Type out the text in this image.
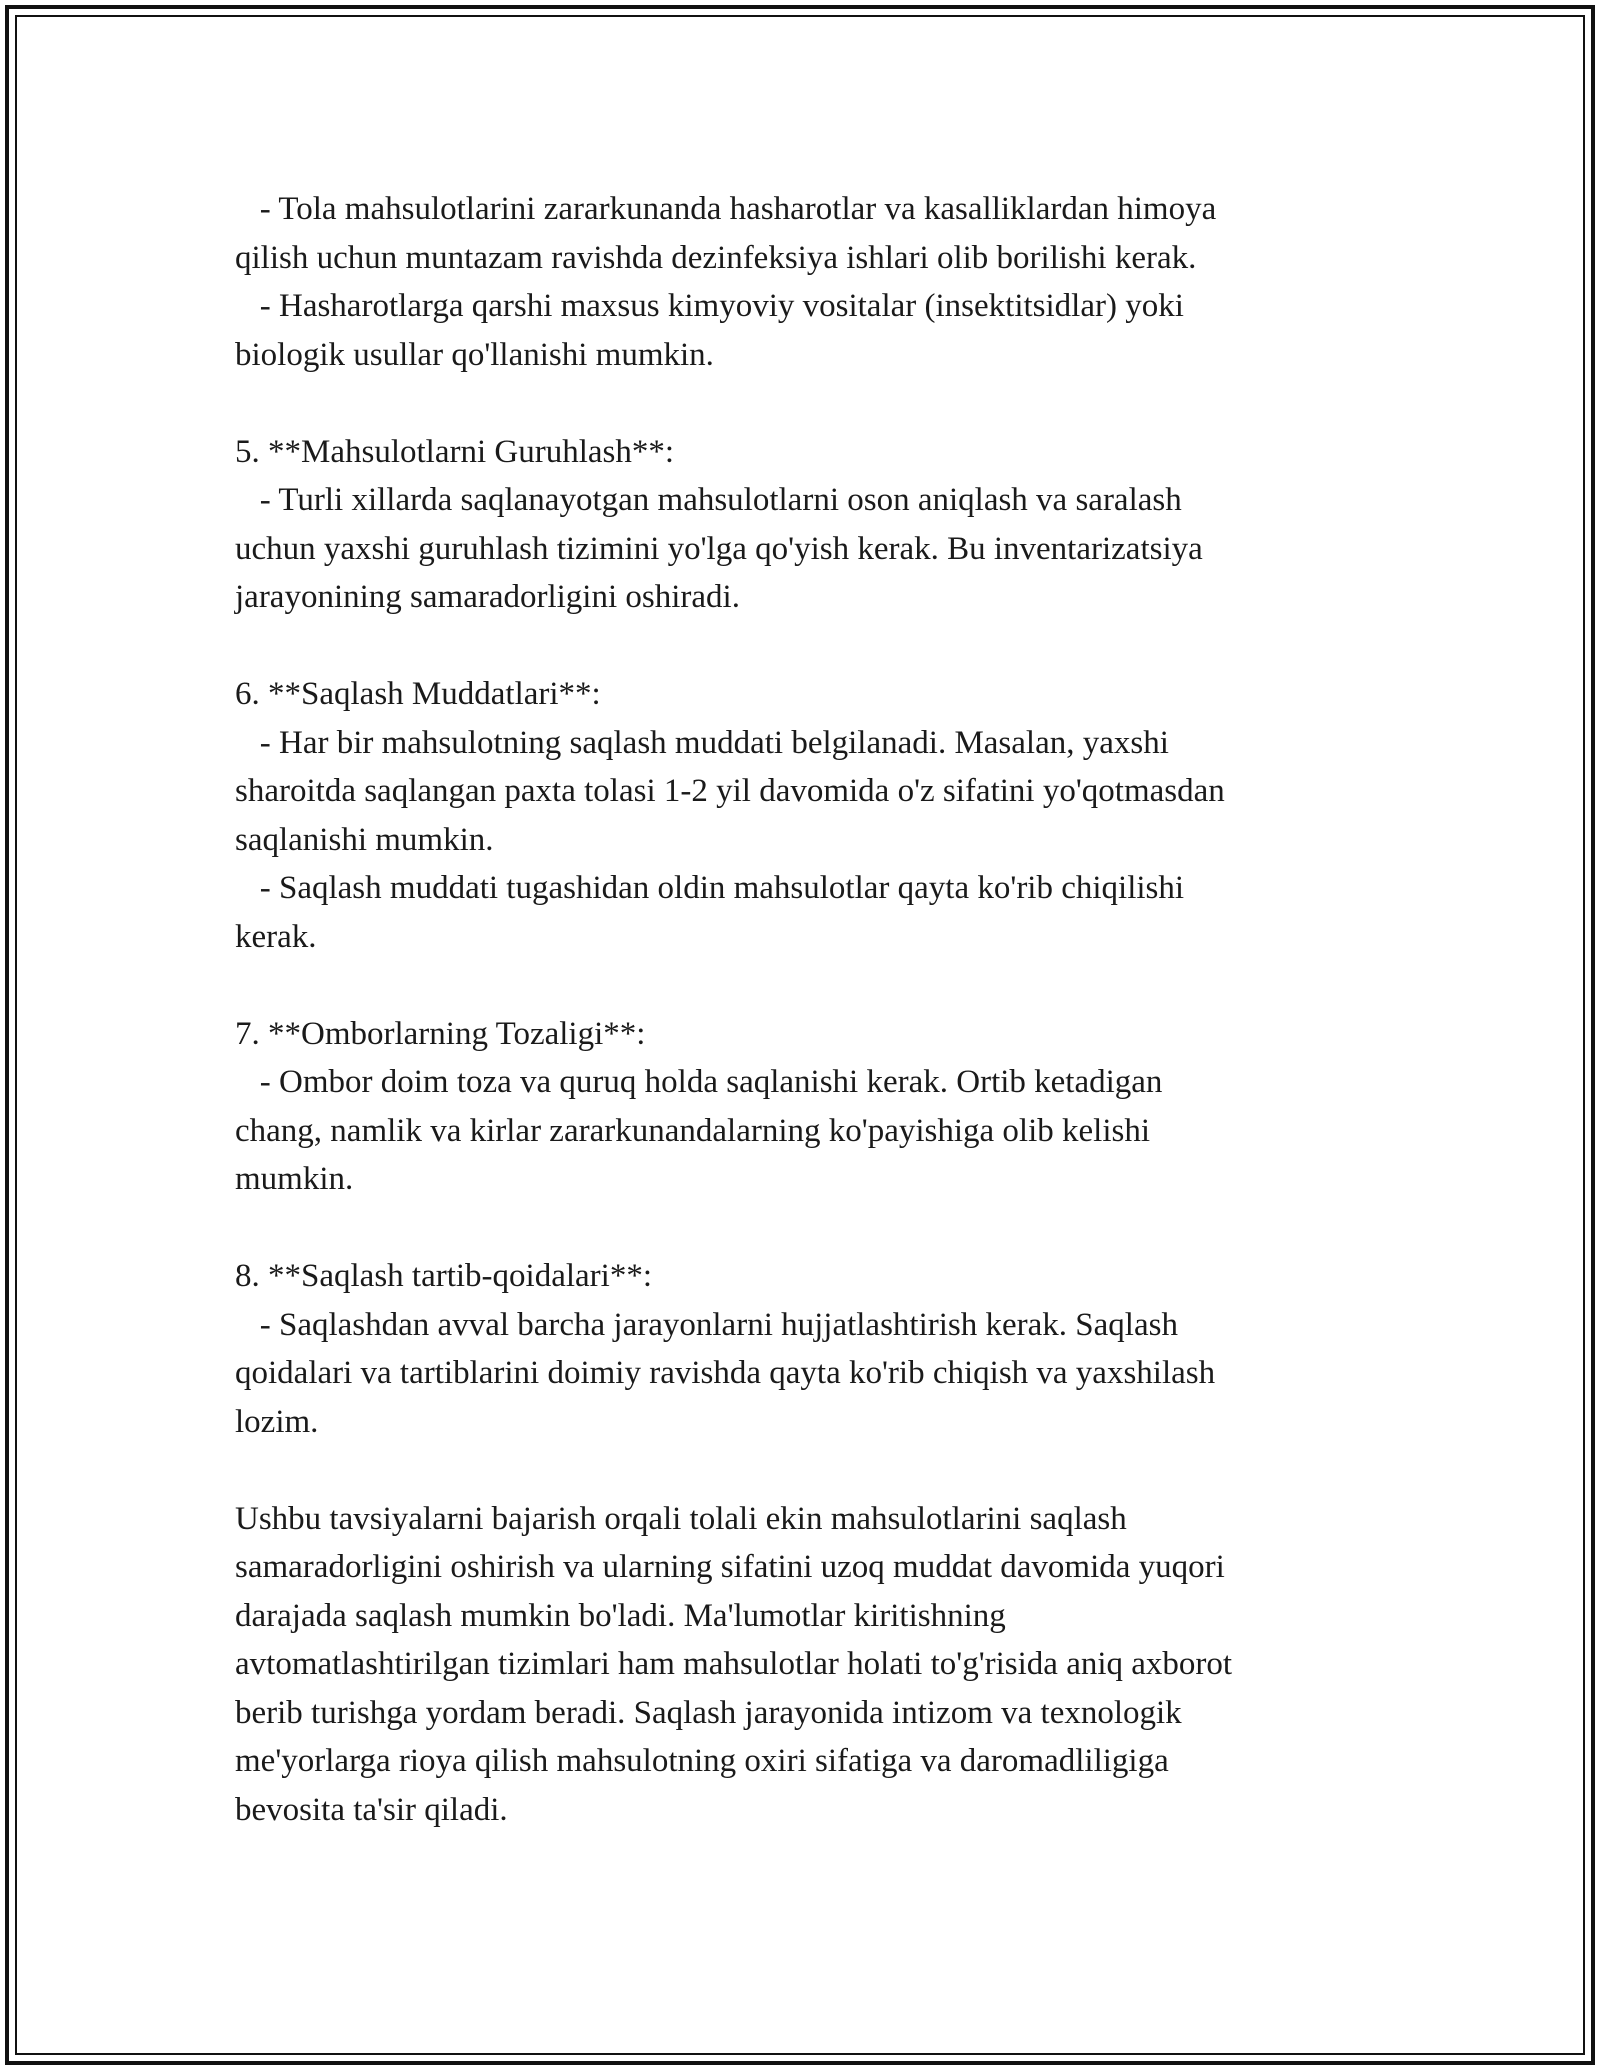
- Tola mahsulotlarini zararkunanda hasharotlar va kasalliklardan himoya
qilish uchun muntazam ravishda dezinfeksiya ishlari olib borilishi kerak.
- Hasharotlarga qarshi maxsus kimyoviy vositalar (insektitsidlar) yoki
biologik usullar qo'llanishi mumkin.
5. **Mahsulotlarni Guruhlash**:
- Turli xillarda saqlanayotgan mahsulotlarni oson aniqlash va saralash
uchun yaxshi guruhlash tizimini yo'lga qo'yish kerak. Bu inventarizatsiya
jarayonining samaradorligini oshiradi.
6. **Saqlash Muddatlari**:
- Har bir mahsulotning saqlash muddati belgilanadi. Masalan, yaxshi
sharoitda saqlangan paxta tolasi 1-2 yil davomida o'z sifatini yo'qotmasdan
saqlanishi mumkin.
- Saqlash muddati tugashidan oldin mahsulotlar qayta ko'rib chiqilishi
kerak.
7. **Omborlarning Tozaligi**:
- Ombor doim toza va quruq holda saqlanishi kerak. Ortib ketadigan
chang, namlik va kirlar zararkunandalarning ko'payishiga olib kelishi
mumkin.
8. **Saqlash tartib-qoidalari**:
- Saqlashdan avval barcha jarayonlarni hujjatlashtirish kerak. Saqlash
qoidalari va tartiblarini doimiy ravishda qayta ko'rib chiqish va yaxshilash
lozim.
Ushbu tavsiyalarni bajarish orqali tolali ekin mahsulotlarini saqlash
samaradorligini oshirish va ularning sifatini uzoq muddat davomida yuqori
darajada saqlash mumkin bo'ladi. Ma'lumotlar kiritishning
avtomatlashtirilgan tizimlari ham mahsulotlar holati to'g'risida aniq axborot
berib turishga yordam beradi. Saqlash jarayonida intizom va texnologik
me'yorlarga rioya qilish mahsulotning oxiri sifatiga va daromadliligiga
bevosita ta'sir qiladi.
